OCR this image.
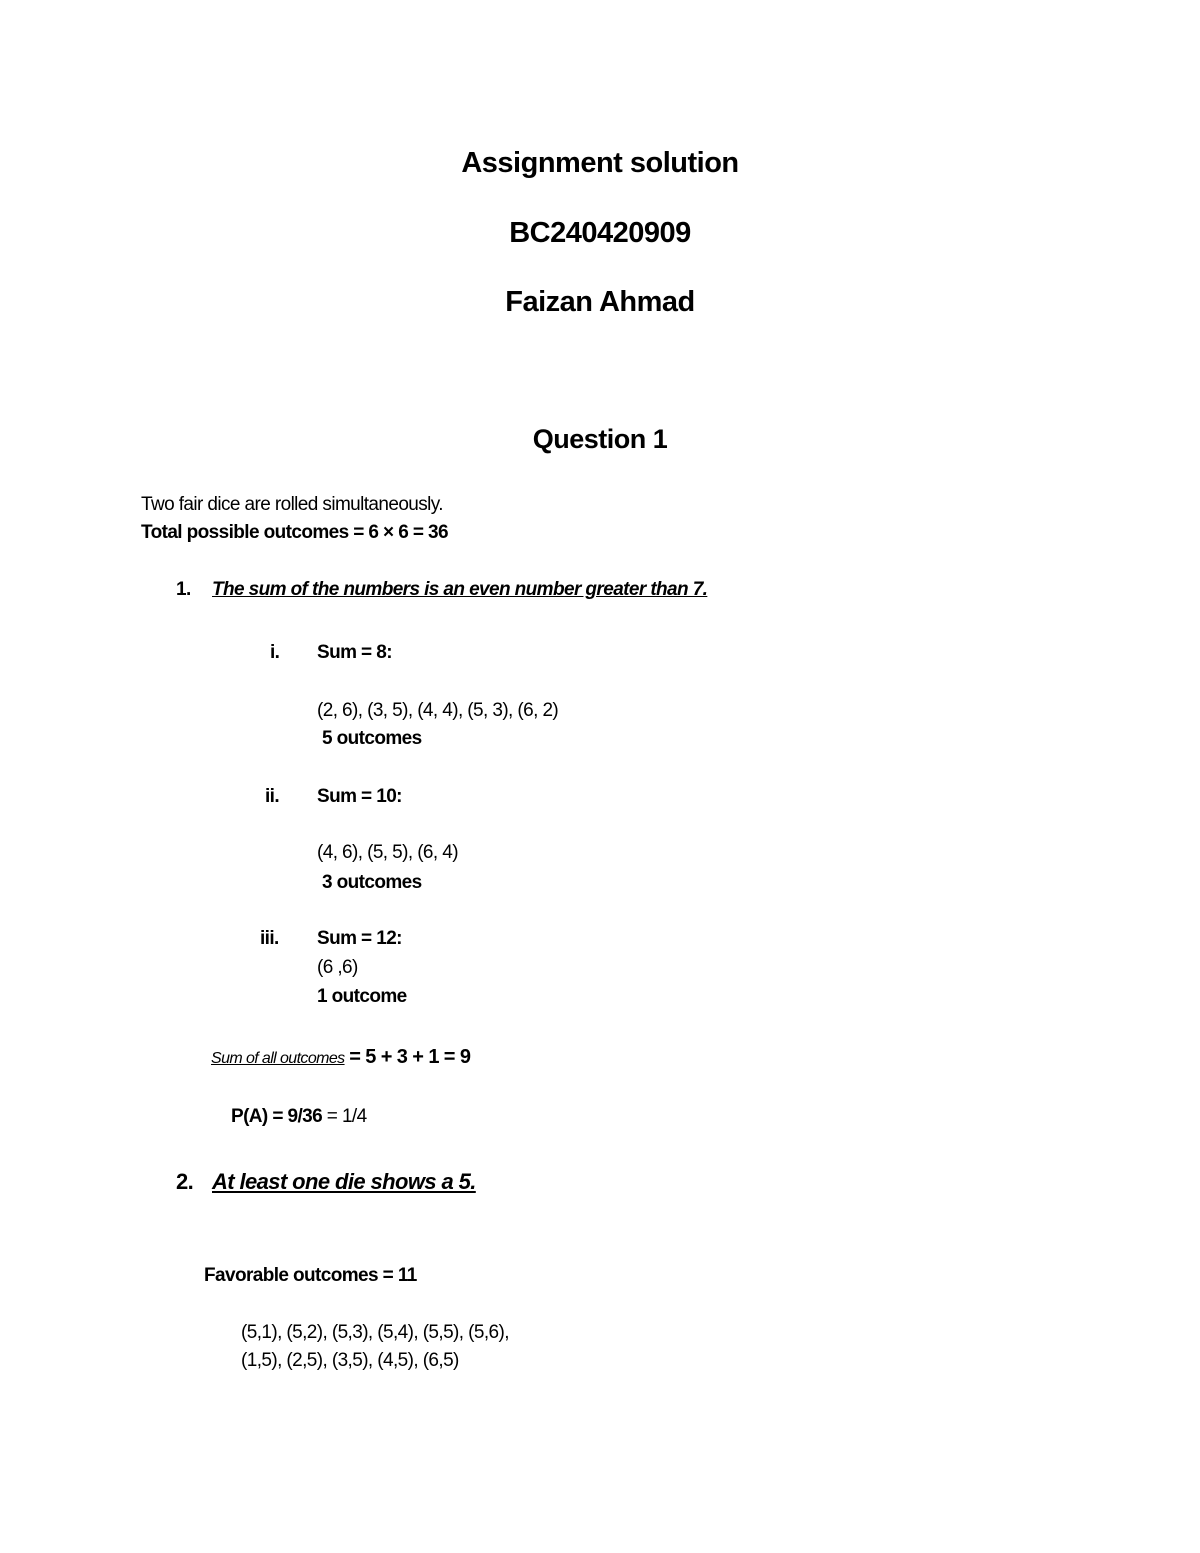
Assignment solution
BC240420909
Faizan Ahmad
Question 1
Two fair dice are rolled simultaneously.
Total possible outcomes = 6 × 6 = 36
1. The sum of the numbers is an even number greater than 7.
i. Sum = 8:
(2, 6), (3, 5), (4, 4), (5, 3), (6, 2)
5 outcomes
ii. Sum = 10:
(4, 6), (5, 5), (6, 4)
3 outcomes
iii. Sum = 12:
(6 ,6)
1 outcome
Sum of all outcomes = 5 + 3 + 1 = 9
P(A) = 9/36 = 1/4
2. At least one die shows a 5.
Favorable outcomes = 11
(5,1), (5,2), (5,3), (5,4), (5,5), (5,6),
(1,5), (2,5), (3,5), (4,5), (6,5)
